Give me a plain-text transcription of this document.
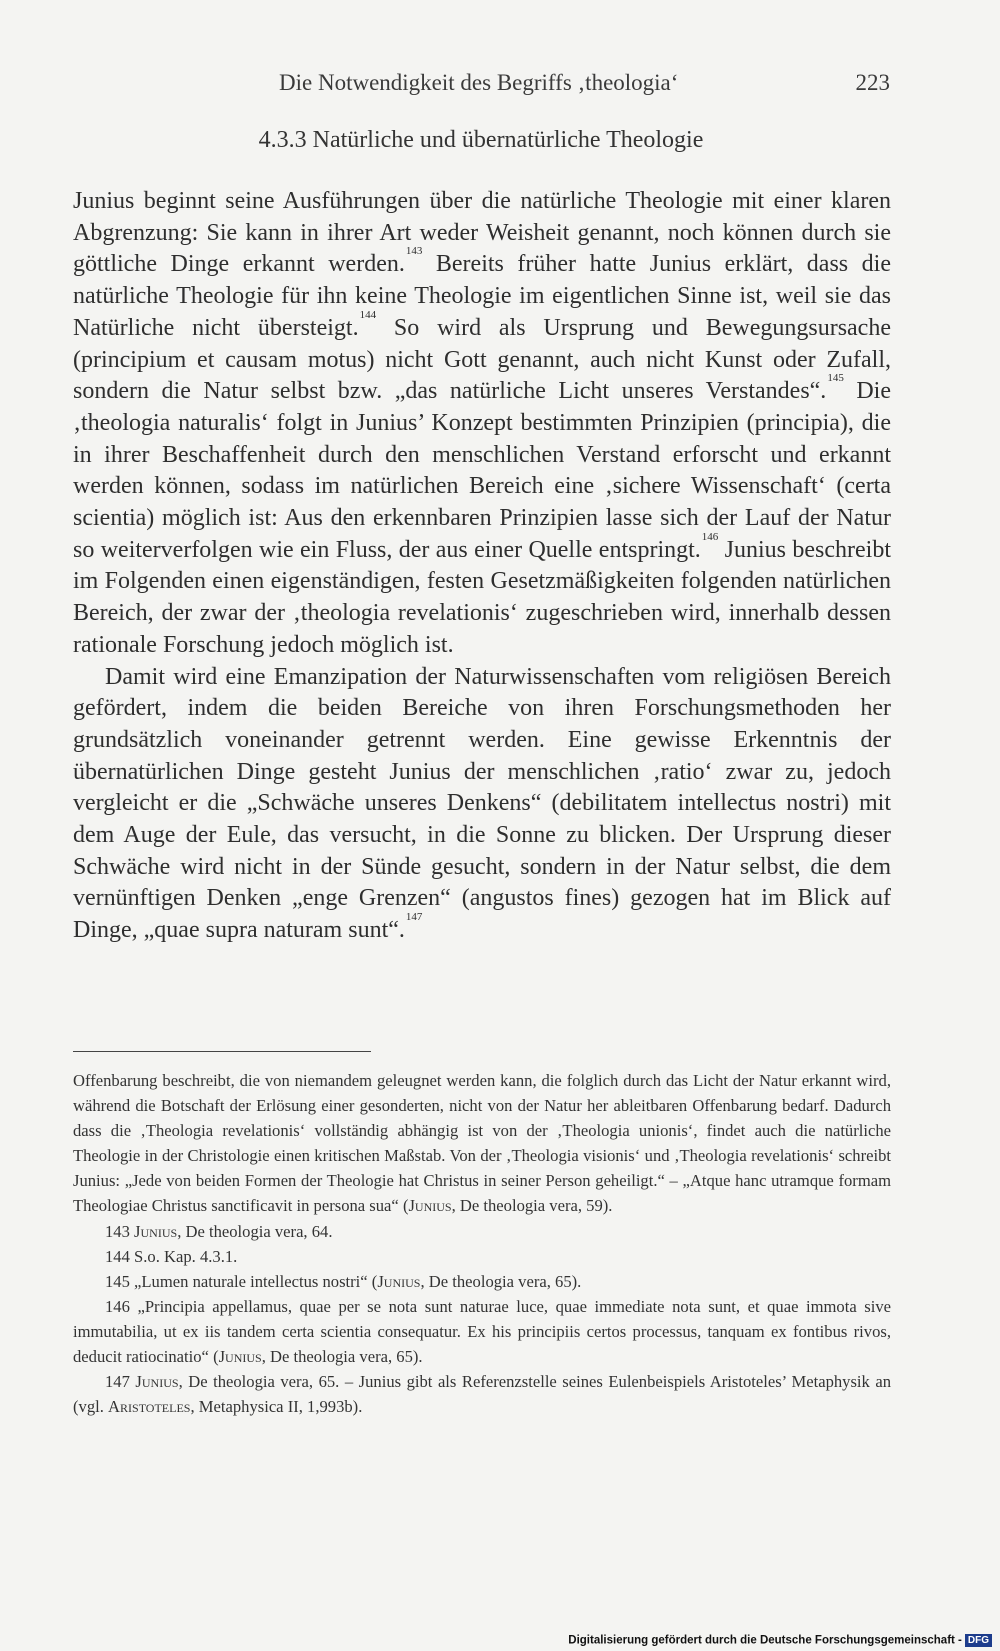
Die Notwendigkeit des Begriffs ‚theologia‘	223
4.3.3 Natürliche und übernatürliche Theologie

Junius beginnt seine Ausführungen über die natürliche Theologie mit einer klaren Abgrenzung: Sie kann in ihrer Art weder Weisheit genannt, noch können durch sie göttliche Dinge erkannt werden.$^{143}$ Bereits früher hatte Junius erklärt, dass die natürliche Theologie für ihn keine Theologie im eigentlichen Sinne ist, weil sie das Natürliche nicht übersteigt.$^{144}$ So wird als Ursprung und Bewegungsursache (principium et causam motus) nicht Gott genannt, auch nicht Kunst oder Zufall, sondern die Natur selbst bzw. „das natürliche Licht unseres Verstandes“.$^{145}$ Die ‚theologia naturalis‘ folgt in Junius’ Konzept bestimmten Prinzipien (principia), die in ihrer Beschaffenheit durch den menschlichen Verstand erforscht und erkannt werden können, sodass im natürlichen Bereich eine ‚sichere Wissenschaft‘ (certa scientia) möglich ist: Aus den erkennbaren Prinzipien lasse sich der Lauf der Natur so weiterverfolgen wie ein Fluss, der aus einer Quelle entspringt.$^{146}$ Junius beschreibt im Folgenden einen eigenständigen, festen Gesetzmäßigkeiten folgenden natürlichen Bereich, der zwar der ‚theologia revelationis‘ zugeschrieben wird, innerhalb dessen rationale Forschung jedoch möglich ist.

Damit wird eine Emanzipation der Naturwissenschaften vom religiösen Bereich gefördert, indem die beiden Bereiche von ihren Forschungsmethoden her grundsätzlich voneinander getrennt werden. Eine gewisse Erkenntnis der übernatürlichen Dinge gesteht Junius der menschlichen ‚ratio‘ zwar zu, jedoch vergleicht er die „Schwäche unseres Denkens“ (debilitatem intellectus nostri) mit dem Auge der Eule, das versucht, in die Sonne zu blicken. Der Ursprung dieser Schwäche wird nicht in der Sünde gesucht, sondern in der Natur selbst, die dem vernünftigen Denken „enge Grenzen“ (angustos fines) gezogen hat im Blick auf Dinge, „quae supra naturam sunt“.$^{147}$

Offenbarung beschreibt, die von niemandem geleugnet werden kann, die folglich durch das Licht der Natur erkannt wird, während die Botschaft der Erlösung einer gesonderten, nicht von der Natur her ableitbaren Offenbarung bedarf. Dadurch dass die ‚Theologia revelationis‘ vollständig abhängig ist von der ‚Theologia unionis‘, findet auch die natürliche Theologie in der Christologie einen kritischen Maßstab. Von der ‚Theologia visionis‘ und ‚Theologia revelationis‘ schreibt Junius: „Jede von beiden Formen der Theologie hat Christus in seiner Person geheiligt.“ – „Atque hanc utramque formam Theologiae Christus sanctificavit in persona sua“ (Junius, De theologia vera, 59).

143 Junius, De theologia vera, 64.

144 S.o. Kap. 4.3.1.

145 „Lumen naturale intellectus nostri“ (Junius, De theologia vera, 65).

146 „Principia appellamus, quae per se nota sunt naturae luce, quae immediate nota sunt, et quae immota sive immutabilia, ut ex iis tandem certa scientia consequatur. Ex his principiis certos processus, tanquam ex fontibus rivos, deducit ratiocinatio“ (Junius, De theologia vera, 65).

147 Junius, De theologia vera, 65. – Junius gibt als Referenzstelle seines Eulenbeispiels Aristoteles’ Metaphysik an (vgl. Aristoteles, Metaphysica II, 1,993b).

Digitalisierung gefördert durch die Deutsche Forschungsgemeinschaft - DFG
